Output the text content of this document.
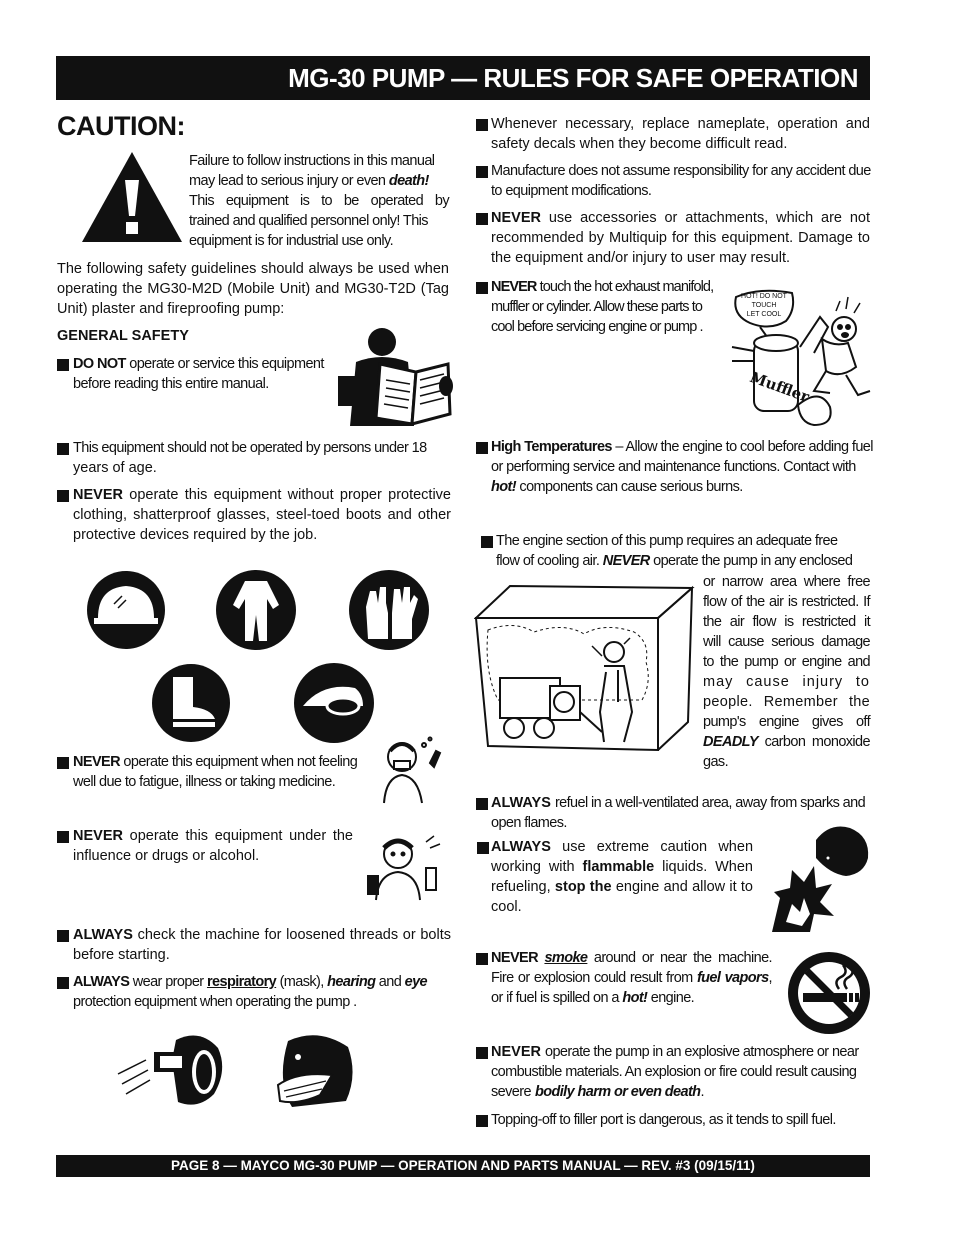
MG-30 PUMP — RULES FOR SAFE OPERATION
CAUTION:
Failure to follow instructions in this manual
may lead to serious injury or even death!
This equipment is to be operated by
trained and qualified personnel only! This
equipment is for industrial use only.
The following safety guidelines should always be used when operating the MG30-M2D (Mobile Unit) and MG30-T2D (Tag Unit) plaster and fireproofing pump:
GENERAL SAFETY
DO NOT operate or service this equipment
before reading this entire manual.
This equipment should not be operated by persons under 18
years of age.
NEVER operate this equipment without proper protective clothing, shatterproof glasses, steel-toed boots and other protective devices required by the job.
NEVER operate this equipment when not feeling
well due to fatigue, illness or taking medicine.
NEVER operate this equipment under the
influence or drugs or alcohol.
ALWAYS check the machine for loosened threads or bolts before starting.
ALWAYS wear proper respiratory (mask), hearing and eye
protection equipment when operating the pump .
Whenever necessary, replace nameplate, operation and safety decals when they become difficult read.
Manufacture does not assume responsibility for any accident due to equipment modifications.
NEVER use accessories or attachments, which are not recommended by Multiquip for this equipment. Damage to the equipment and/or injury to user may result.
NEVER touch the hot exhaust manifold,
muffler or cylinder. Allow these parts to
cool before servicing engine or pump .
HOT! DO NOT
TOUCH
LET COOL
Muffler
High Temperatures – Allow the engine to cool before adding fuel or performing service and maintenance functions. Contact with hot! components can cause serious burns.
The engine section of this pump requires an adequate free
flow of cooling air. NEVER operate the pump in any enclosed
or narrow area where free
flow of the air is restricted. If
the air flow is restricted it
will cause serious damage
to the pump or engine and
may cause injury to
people. Remember the
pump's engine gives off
DEADLY carbon monoxide
gas.
ALWAYS refuel in a well-ventilated area, away from sparks and open flames.
ALWAYS use extreme caution when working with flammable liquids. When refueling, stop the engine and allow it to cool.
NEVER smoke around or near the machine. Fire or explosion could result from fuel vapors, or if fuel is spilled on a hot! engine.
NEVER operate the pump in an explosive atmosphere or near combustible materials. An explosion or fire could result causing severe bodily harm or even death.
Topping-off to filler port is dangerous, as it tends to spill fuel.
PAGE 8 — MAYCO MG-30 PUMP — OPERATION AND PARTS MANUAL — REV. #3 (09/15/11)
